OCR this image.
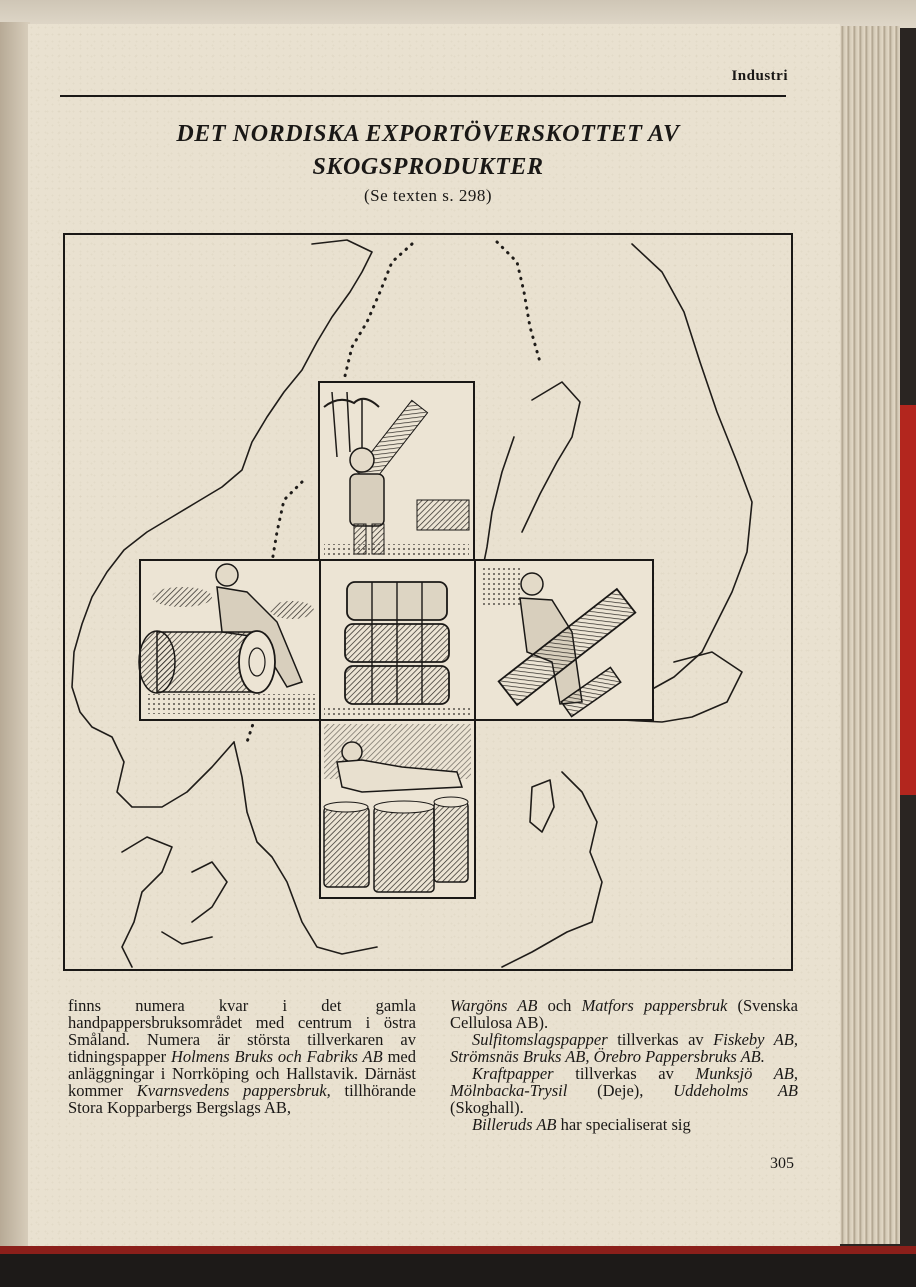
Industri
DET NORDISKA EXPORTÖVERSKOTTET AV SKOGSPRODUKTER
(Se texten s. 298)

finns numera kvar i det gamla handpappersbruksområdet med centrum i östra Småland. Numera är största tillverkaren av tidningspapper Holmens Bruks och Fabriks AB med anläggningar i Norrköping och Hallstavik. Därnäst kommer Kvarnsvedens pappersbruk, tillhörande Stora Kopparbergs Bergslags AB,

Wargöns AB och Matfors pappersbruk (Svenska Cellulosa AB).

Sulfitomslagspapper tillverkas av Fiskeby AB, Strömsnäs Bruks AB, Örebro Pappersbruks AB.

Kraftpapper tillverkas av Munksjö AB, Mölnbacka-Trysil (Deje), Uddeholms AB (Skoghall).

Billeruds AB har specialiserat sig

305
